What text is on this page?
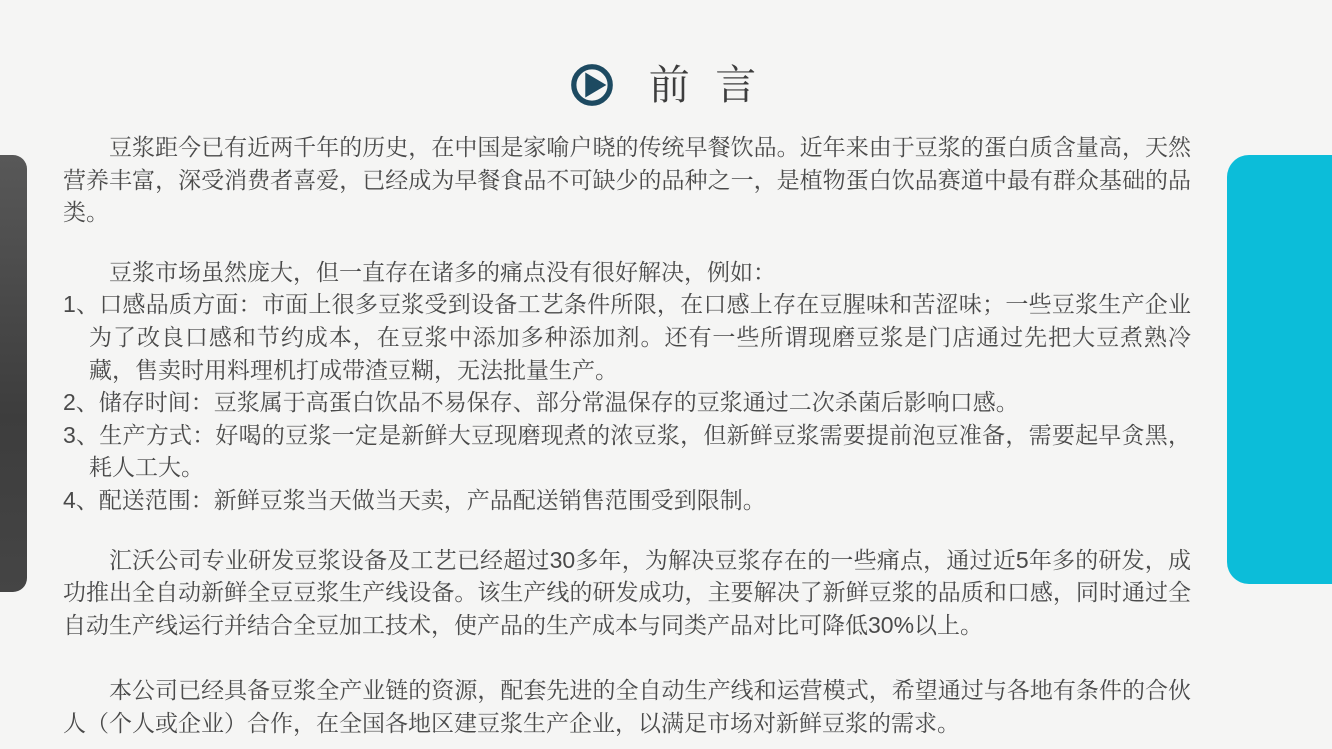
前 言

豆浆距今已有近两千年的历史，在中国是家喻户晓的传统早餐饮品。近年来由于豆浆的蛋白质含量高，天然营养丰富，深受消费者喜爱，已经成为早餐食品不可缺少的品种之一，是植物蛋白饮品赛道中最有群众基础的品类。

豆浆市场虽然庞大，但一直存在诸多的痛点没有很好解决，例如：

1、口感品质方面：市面上很多豆浆受到设备工艺条件所限，在口感上存在豆腥味和苦涩味；一些豆浆生产企业为了改良口感和节约成本，在豆浆中添加多种添加剂。还有一些所谓现磨豆浆是门店通过先把大豆煮熟冷藏，售卖时用料理机打成带渣豆糊，无法批量生产。
2、储存时间：豆浆属于高蛋白饮品不易保存、部分常温保存的豆浆通过二次杀菌后影响口感。
3、生产方式：好喝的豆浆一定是新鲜大豆现磨现煮的浓豆浆，但新鲜豆浆需要提前泡豆准备，需要起早贪黑，耗人工大。
4、配送范围：新鲜豆浆当天做当天卖，产品配送销售范围受到限制。

汇沃公司专业研发豆浆设备及工艺已经超过30多年，为解决豆浆存在的一些痛点，通过近5年多的研发，成功推出全自动新鲜全豆豆浆生产线设备。该生产线的研发成功，主要解决了新鲜豆浆的品质和口感，同时通过全自动生产线运行并结合全豆加工技术，使产品的生产成本与同类产品对比可降低30%以上。

本公司已经具备豆浆全产业链的资源，配套先进的全自动生产线和运营模式，希望通过与各地有条件的合伙人（个人或企业）合作，在全国各地区建豆浆生产企业，以满足市场对新鲜豆浆的需求。
